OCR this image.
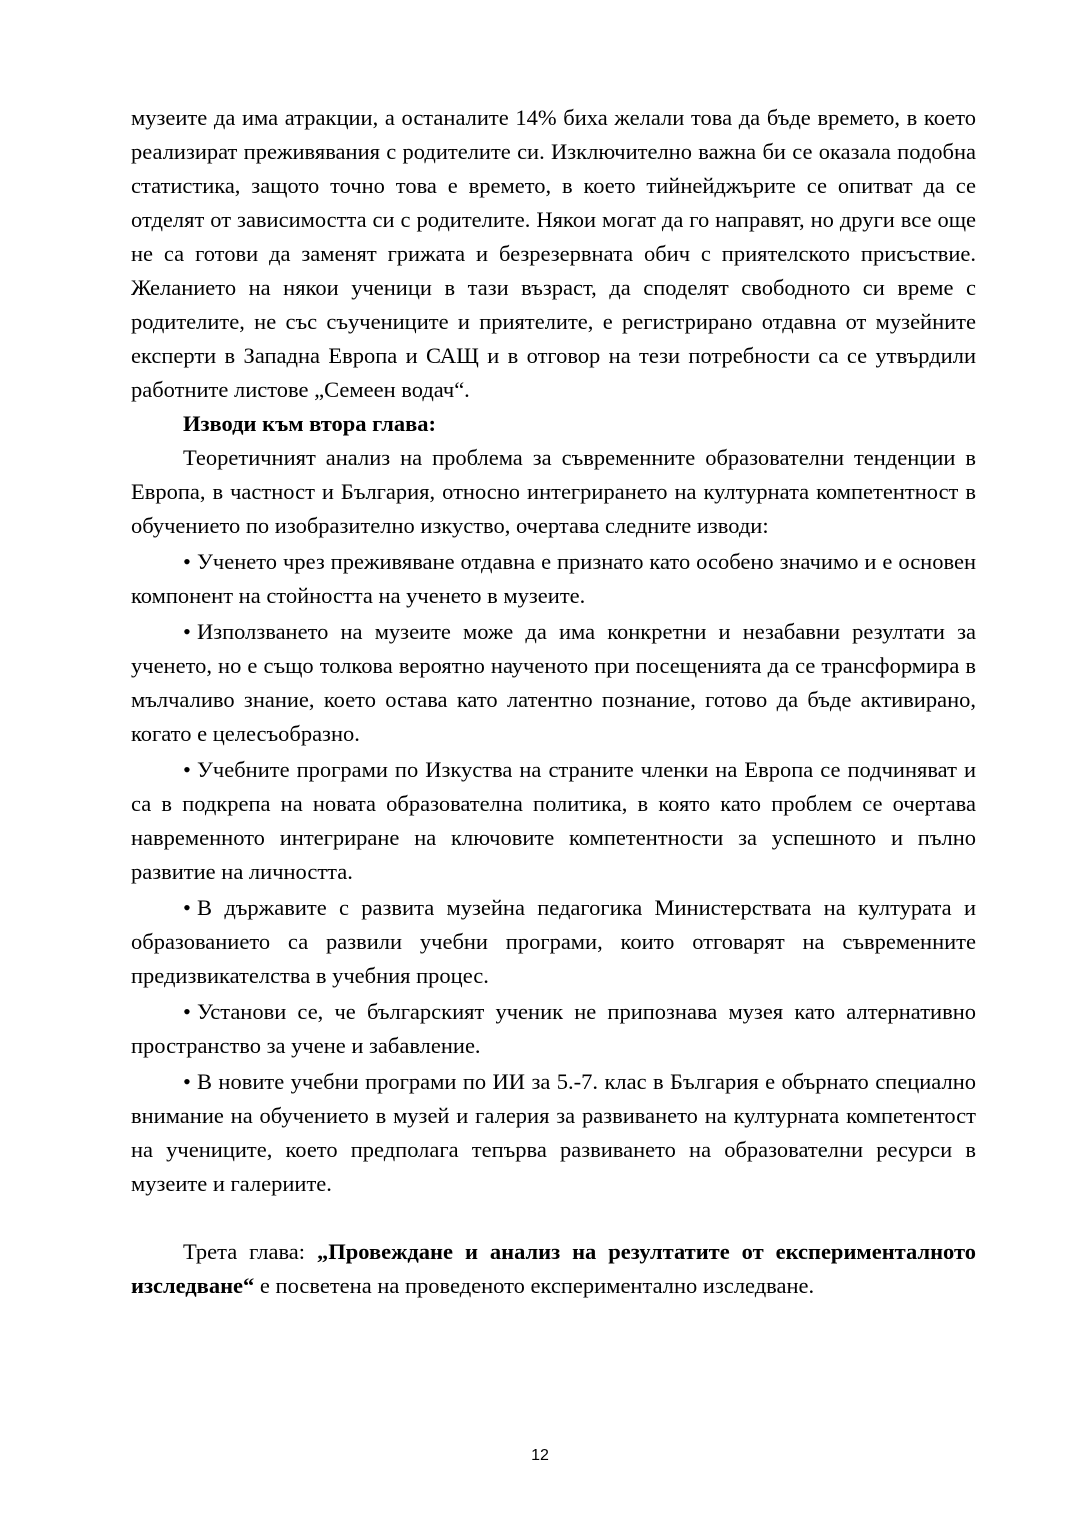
музеите да има атракции, а останалите 14% биха желали това да бъде времето, в което реализират преживявания с родителите си. Изключително важна би се оказала подобна статистика, защото точно това е времето, в което тийнейджърите се опитват да се отделят от зависимостта си с родителите. Някои могат да го направят, но други все още не са готови да заменят грижата и безрезервната обич с приятелското присъствие. Желанието на някои ученици в тази възраст, да споделят свободното си време с родителите, не със съучениците и приятелите, е регистрирано отдавна от музейните експерти в Западна Европа и САЩ и в отговор на тези потребности са се утвърдили работните листове „Семеен водач“.

Изводи към втора глава:

Теоретичният анализ на проблема за съвременните образователни тенденции в Европа, в частност и България, относно интегрирането на културната компетентност в обучението по изобразително изкуство, очертава следните изводи:

• Ученето чрез преживяване отдавна е признато като особено значимо и е основен компонент на стойността на ученето в музеите.

• Използването на музеите може да има конкретни и незабавни резултати за ученето, но е също толкова вероятно наученото при посещенията да се трансформира в мълчаливо знание, което остава като латентно познание, готово да бъде активирано, когато е целесъобразно.

• Учебните програми по Изкуства на страните членки на Европа се подчиняват и са в подкрепа на новата образователна политика, в която като проблем се очертава навременното интегриране на ключовите компетентности за успешното и пълно развитие на личността.

• В държавите с развита музейна педагогика Министерствата на културата и образованието са развили учебни програми, които отговарят на съвременните предизвикателства в учебния процес.

• Установи се, че българският ученик не припознава музея като алтернативно пространство за учене и забавление.

• В новите учебни програми по ИИ за 5.-7. клас в България е обърнато специално внимание на обучението в музей и галерия за развиването на културната компетентост на учениците, което предполага тепърва развиването на образователни ресурси в музеите и галериите.

Трета глава: „Провеждане и анализ на резултатите от експерименталното изследване“ е посветена на проведеното експериментално изследване.

12
